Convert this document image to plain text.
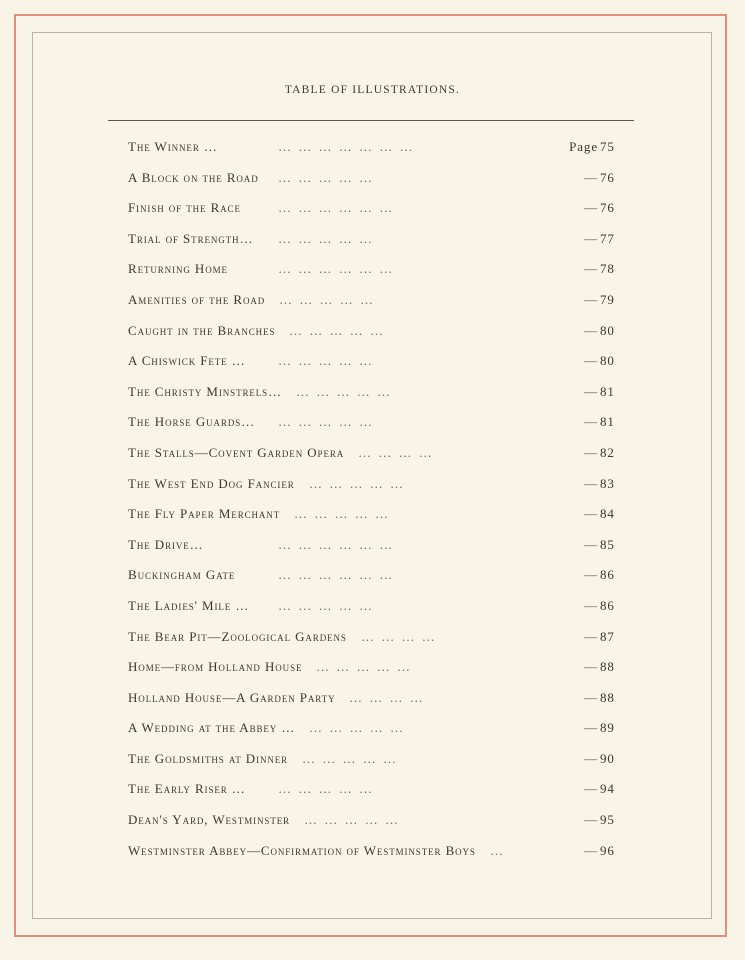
TABLE OF ILLUSTRATIONS.
The Winner …	… … … … … … …	Page 75
A Block on the Road … … … … …	— 76
Finish of the Race	… … … … … …	— 76
Trial of Strength… … … … … …	— 77
Returning Home	… … … … … …	— 78
Amenities of the Road … … … … …	— 79
Caught in the Branches … … … … …	— 80
A Chiswick Fete … … … … … …	— 80
The Christy Minstrels… … … … … …	— 81
The Horse Guards… … … … … …	— 81
The Stalls—Covent Garden Opera … … … …	— 82
The West End Dog Fancier … … … … …	— 83
The Fly Paper Merchant … … … … …	— 84
The Drive…	… … … … … …	— 85
Buckingham Gate	… … … … … …	— 86
The Ladies' Mile … … … … … …	— 86
The Bear Pit—Zoological Gardens … … … …	— 87
Home—from Holland House … … … … …	— 88
Holland House—A Garden Party … … … …	— 88
A Wedding at the Abbey … … … … … …	— 89
The Goldsmiths at Dinner … … … … …	— 90
The Early Riser … … … … … …	— 94
Dean's Yard, Westminster … … … … …	— 95
Westminster Abbey—Confirmation of Westminster Boys …	— 96
